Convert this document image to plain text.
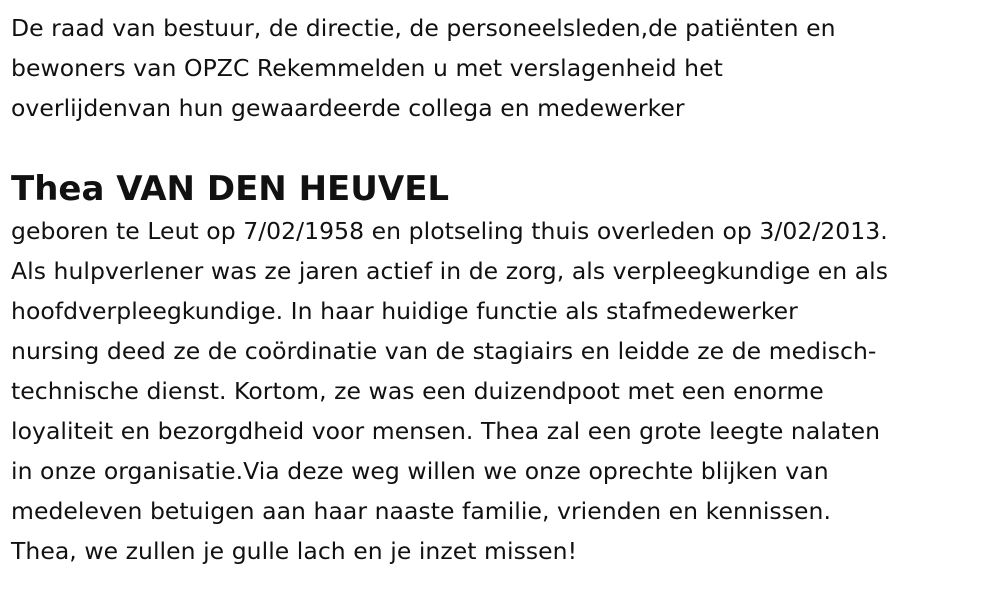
De raad van bestuur, de directie, de personeelsleden,de patiënten en
bewoners van OPZC Rekemmelden u met verslagenheid het
overlijdenvan hun gewaardeerde collega en medewerker
Thea VAN DEN HEUVEL
geboren te Leut op 7/02/1958 en plotseling thuis overleden op 3/02/2013.
Als hulpverlener was ze jaren actief in de zorg, als verpleegkundige en als
hoofdverpleegkundige. In haar huidige functie als stafmedewerker
nursing deed ze de coördinatie van de stagiairs en leidde ze de medisch-
technische dienst. Kortom, ze was een duizendpoot met een enorme
loyaliteit en bezorgdheid voor mensen. Thea zal een grote leegte nalaten
in onze organisatie.Via deze weg willen we onze oprechte blijken van
medeleven betuigen aan haar naaste familie, vrienden en kennissen.
Thea, we zullen je gulle lach en je inzet missen!
